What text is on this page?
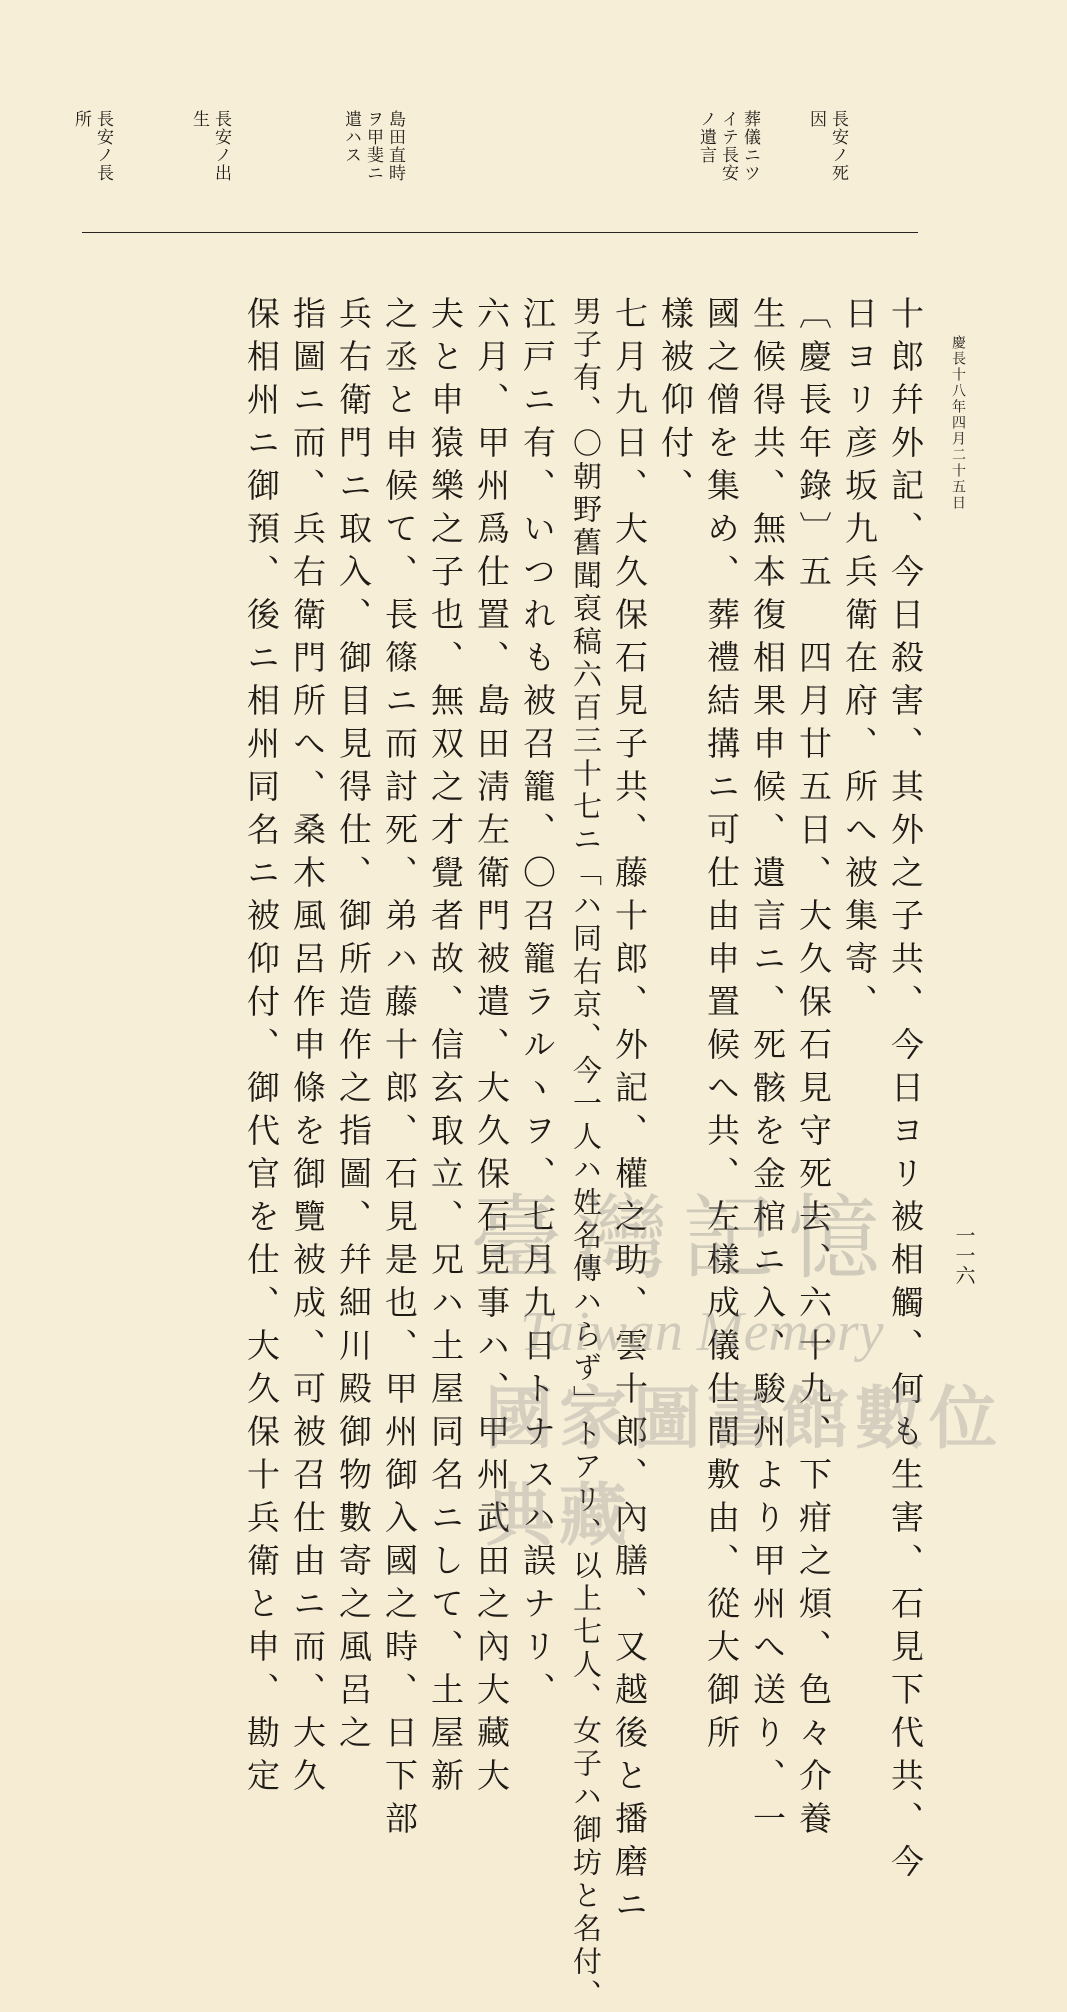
慶長十八年四月二十五日
一一六
長安ノ死
因
葬儀ニツ
イテ長安
ノ遺言
島田直時
ヲ甲斐ニ
遣ハス
長安ノ出
生
長安ノ長
所
十郎幷外記、今日殺害、其外之子共、今日ヨリ被相觸、何も生害、石見下代共、今
日ヨリ彦坂九兵衛在府、所へ被集寄、
〔慶長年錄〕五　四月廿五日、大久保石見守死去、六十九、下疳之煩、色々介養
生候得共、無本復相果申候、遺言ニ、死骸を金棺ニ入、駿州より甲州へ送り、一
國之僧を集め、葬禮結搆ニ可仕由申置候へ共、左樣成儀仕間敷由、從大御所
樣被仰付、
七月九日、大久保石見子共、藤十郎、外記、權之助、雲十郎、內膳、又越後と播磨ニ
男子有、〇朝野舊聞裒稿六百三十七ニ「ハ同右京、今一人ハ姓名傳ハらず」トアリ、以上七人、女子ハ御坊と名付、
江戸ニ有、いつれも被召籠、〇召籠ラルヽヲ、七月九日トナスハ誤ナリ、
六月、甲州爲仕置、島田淸左衛門被遣、大久保石見事ハ、甲州武田之內大藏大
夫と申猿樂之子也、無双之才覺者故、信玄取立、兄ハ土屋同名ニして、土屋新
之丞と申候て、長篠ニ而討死、弟ハ藤十郎、石見是也、甲州御入國之時、日下部
兵右衛門ニ取入、御目見得仕、御所造作之指圖、幷細川殿御物數寄之風呂之
指圖ニ而、兵右衛門所へ、桑木風呂作申條を御覽被成、可被召仕由ニ而、大久
保相州ニ御預、後ニ相州同名ニ被仰付、御代官を仕、大久保十兵衛と申、勘定 臺灣記憶
Taiwan Memory
國家圖書館數位典藏
